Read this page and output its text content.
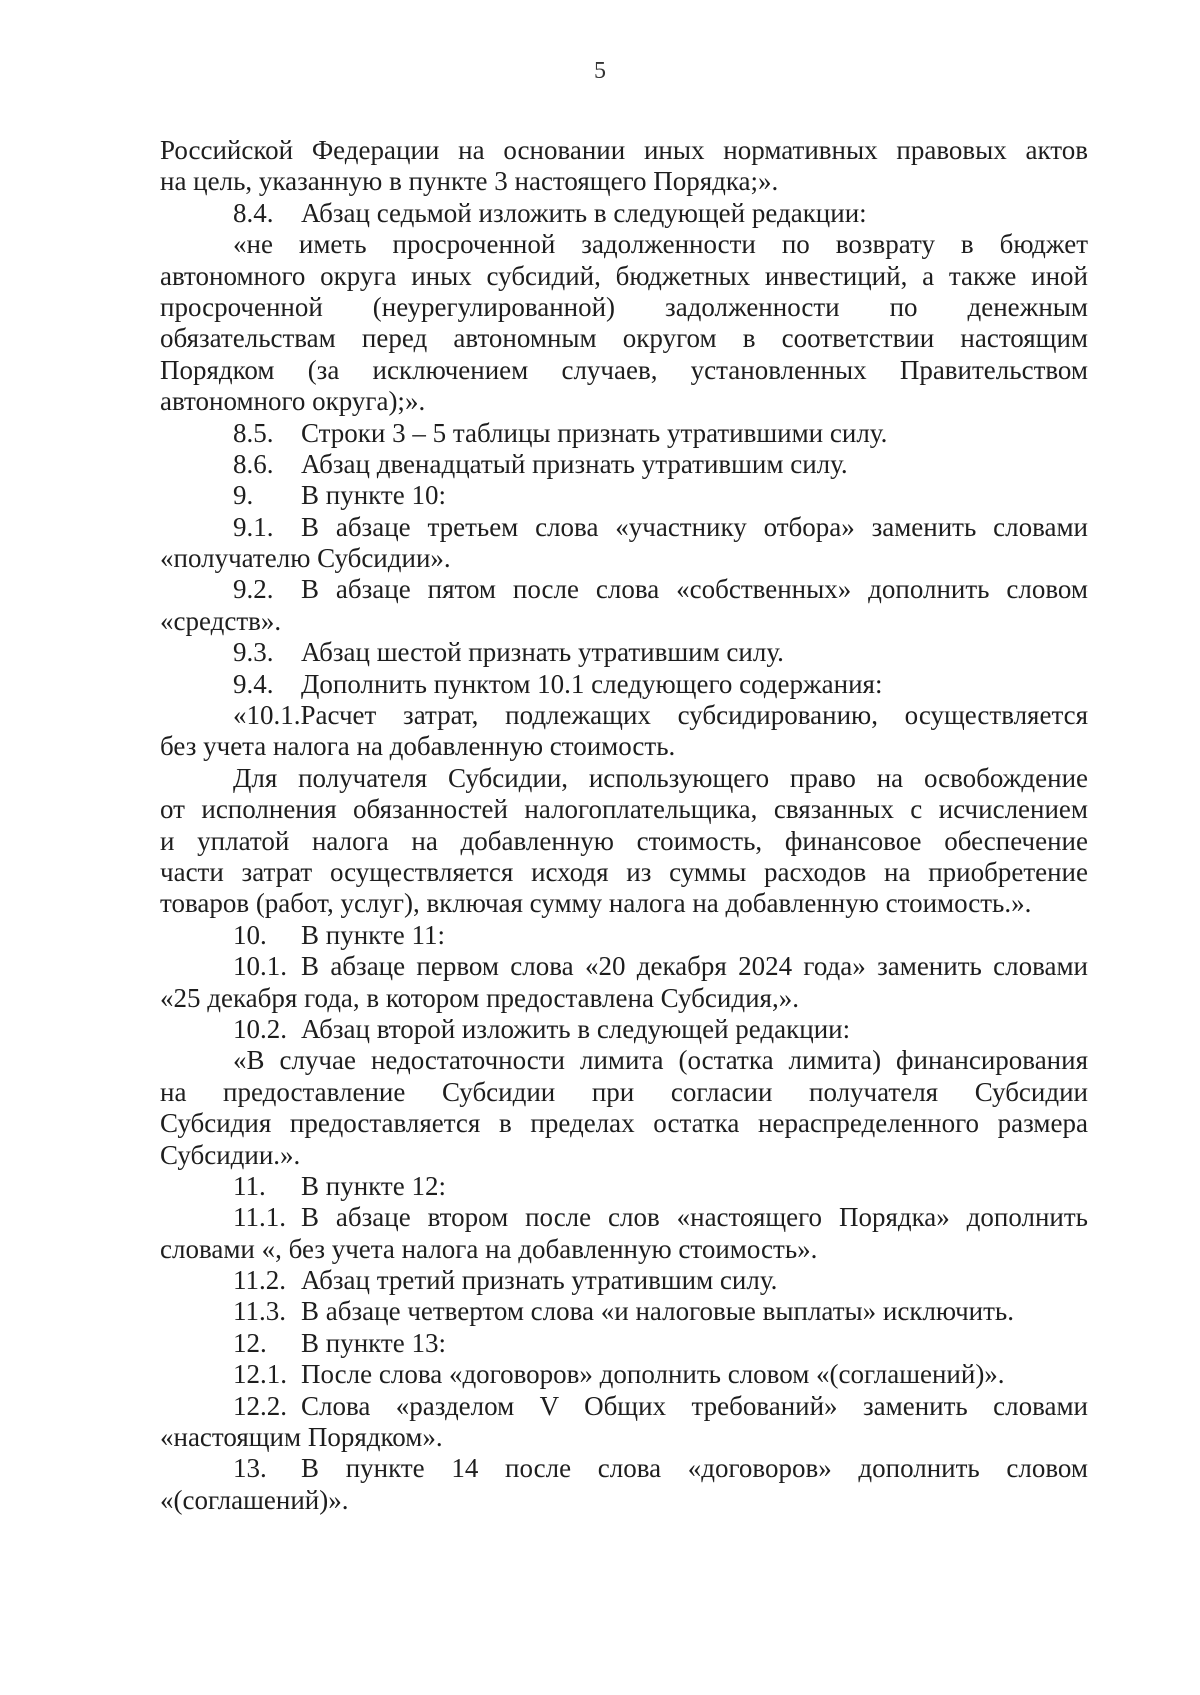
5
Российской Федерации на основании иных нормативных правовых актов
на цель, указанную в пункте 3 настоящего Порядка;».
8.4. Абзац седьмой изложить в следующей редакции:
«не иметь просроченной задолженности по возврату в бюджет
автономного округа иных субсидий, бюджетных инвестиций, а также иной
просроченной (неурегулированной) задолженности по денежным
обязательствам перед автономным округом в соответствии настоящим
Порядком (за исключением случаев, установленных Правительством
автономного округа);».
8.5. Строки 3 – 5 таблицы признать утратившими силу.
8.6. Абзац двенадцатый признать утратившим силу.
9. В пункте 10:
9.1. В абзаце третьем слова «участнику отбора» заменить словами
«получателю Субсидии».
9.2. В абзаце пятом после слова «собственных» дополнить словом
«средств».
9.3. Абзац шестой признать утратившим силу.
9.4. Дополнить пунктом 10.1 следующего содержания:
«10.1.Расчет затрат, подлежащих субсидированию, осуществляется
без учета налога на добавленную стоимость.
Для получателя Субсидии, использующего право на освобождение
от исполнения обязанностей налогоплательщика, связанных с исчислением
и уплатой налога на добавленную стоимость, финансовое обеспечение
части затрат осуществляется исходя из суммы расходов на приобретение
товаров (работ, услуг), включая сумму налога на добавленную стоимость.».
10. В пункте 11:
10.1. В абзаце первом слова «20 декабря 2024 года» заменить словами
«25 декабря года, в котором предоставлена Субсидия,».
10.2. Абзац второй изложить в следующей редакции:
«В случае недостаточности лимита (остатка лимита) финансирования
на предоставление Субсидии при согласии получателя Субсидии
Субсидия предоставляется в пределах остатка нераспределенного размера
Субсидии.».
11. В пункте 12:
11.1. В абзаце втором после слов «настоящего Порядка» дополнить
словами «, без учета налога на добавленную стоимость».
11.2. Абзац третий признать утратившим силу.
11.3. В абзаце четвертом слова «и налоговые выплаты» исключить.
12. В пункте 13:
12.1. После слова «договоров» дополнить словом «(соглашений)».
12.2. Слова «разделом V Общих требований» заменить словами
«настоящим Порядком».
13. В пункте 14 после слова «договоров» дополнить словом
«(соглашений)».
